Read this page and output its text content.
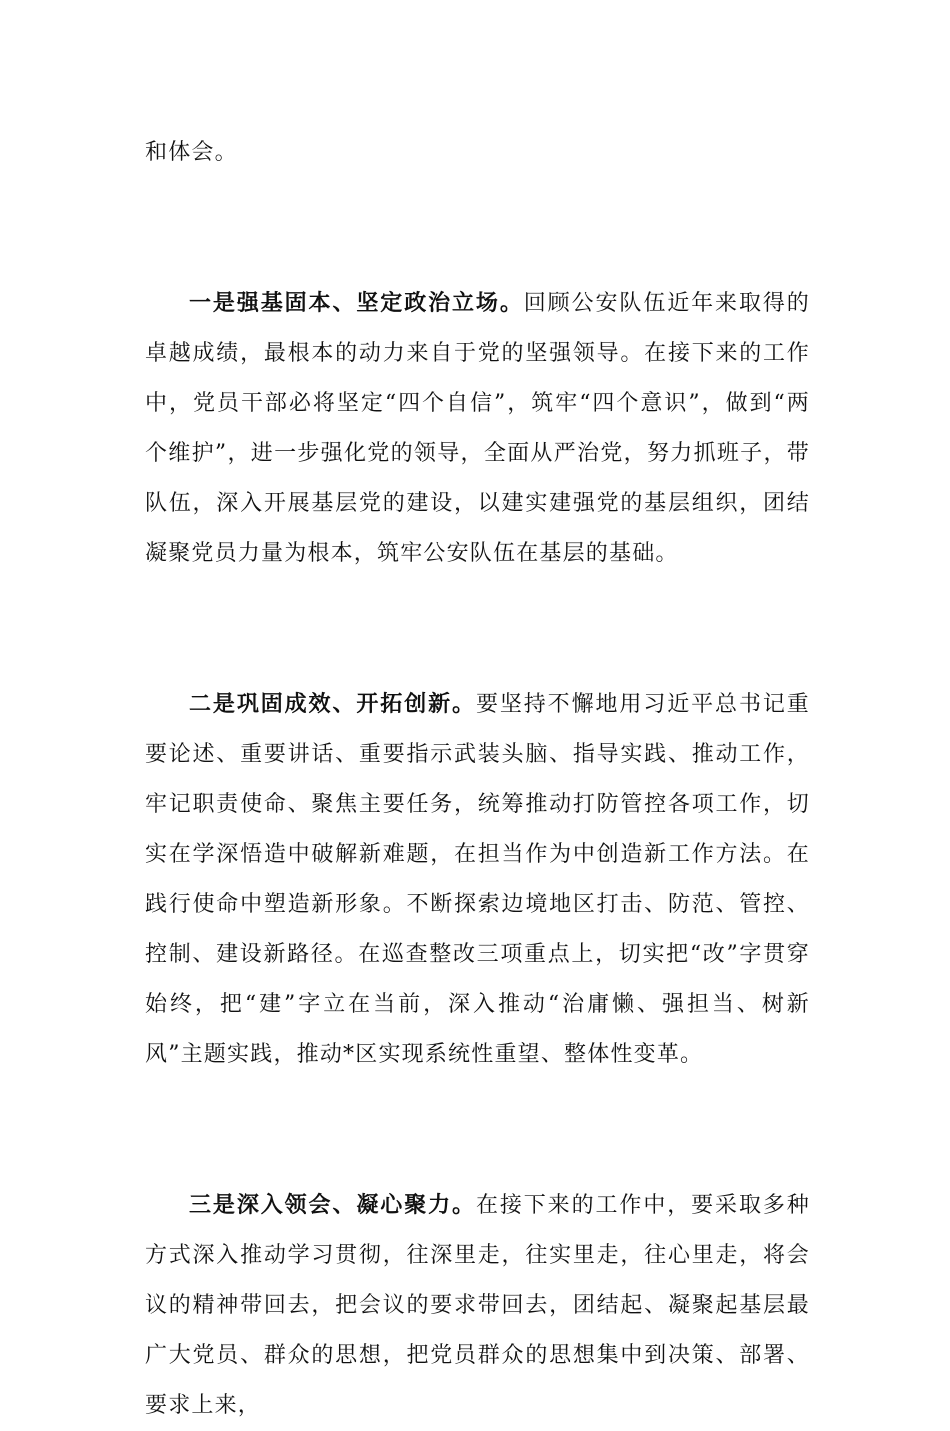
和体会。

一是强基固本、坚定政治立场。回顾公安队伍近年来取得的卓越成绩，最根本的动力来自于党的坚强领导。在接下来的工作中，党员干部必将坚定“四个自信”，筑牢“四个意识”，做到“两个维护”，进一步强化党的领导，全面从严治党，努力抓班子，带队伍，深入开展基层党的建设，以建实建强党的基层组织，团结凝聚党员力量为根本，筑牢公安队伍在基层的基础。

二是巩固成效、开拓创新。要坚持不懈地用习近平总书记重要论述、重要讲话、重要指示武装头脑、指导实践、推动工作，牢记职责使命、聚焦主要任务，统筹推动打防管控各项工作，切实在学深悟造中破解新难题，在担当作为中创造新工作方法。在践行使命中塑造新形象。不断探索边境地区打击、防范、管控、控制、建设新路径。在巡查整改三项重点上，切实把“改”字贯穿始终，把“建”字立在当前，深入推动“治庸懒、强担当、树新风”主题实践，推动*区实现系统性重望、整体性变革。

三是深入领会、凝心聚力。在接下来的工作中，要采取多种方式深入推动学习贯彻，往深里走，往实里走，往心里走，将会议的精神带回去，把会议的要求带回去，团结起、凝聚起基层最广大党员、群众的思想，把党员群众的思想集中到决策、部署、要求上来，
